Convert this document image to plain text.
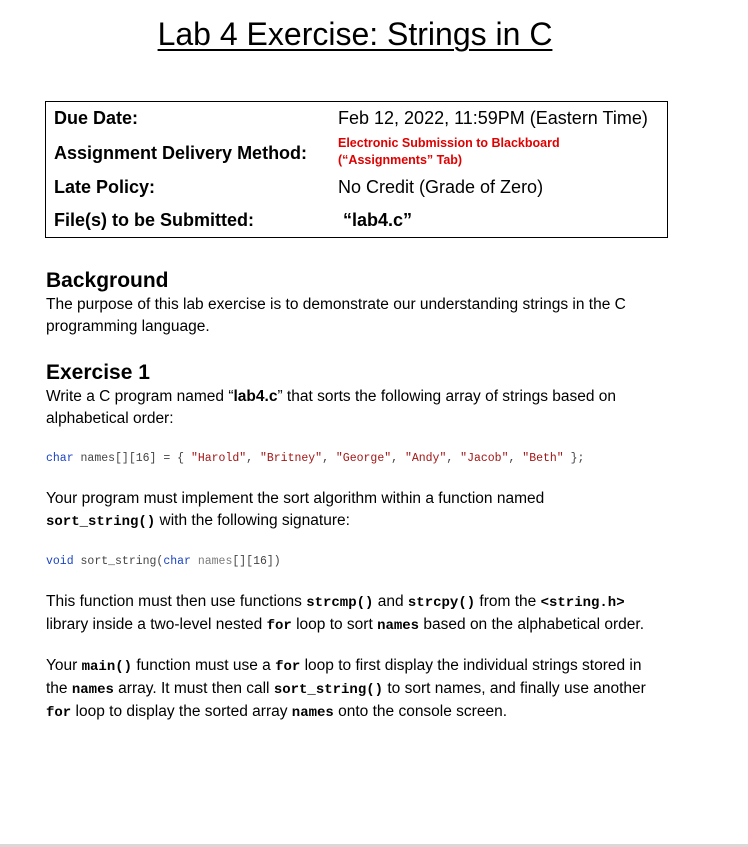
Lab 4 Exercise: Strings in C
Due Date:	Feb 12, 2022, 11:59PM (Eastern Time)
Assignment Delivery Method: Electronic Submission to Blackboard
(“Assignments” Tab)
Late Policy:	No Credit (Grade of Zero)
File(s) to be Submitted:	“lab4.c”
Background
The purpose of this lab exercise is to demonstrate our understanding strings in the C programming language.
Exercise 1
Write a C program named “lab4.c” that sorts the following array of strings based on alphabetical order:
char names[][16] = { "Harold", "Britney", "George", "Andy", "Jacob", "Beth" };
Your program must implement the sort algorithm within a function named
sort_string() with the following signature:
void sort_string(char names[][16])
This function must then use functions strcmp() and strcpy() from the <string.h>
library inside a two-level nested for loop to sort names based on the alphabetical order.
Your main() function must use a for loop to first display the individual strings stored in
the names array. It must then call sort_string() to sort names, and finally use another
for loop to display the sorted array names onto the console screen.
